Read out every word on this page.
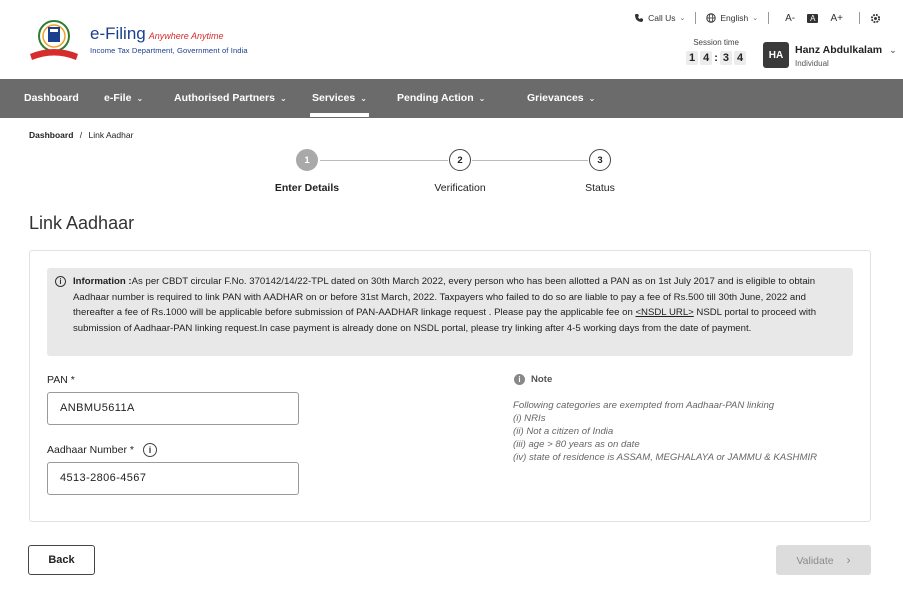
e-Filing Anywhere Anytime
Income Tax Department, Government of India
Call Us ⌄	English ⌄	A-	A	A+
Session time
1 4 : 3 4	HA	Hanz Abdulkalam ⌄
Individual
Dashboard e-File ⌄	Authorised Partners ⌄ Services ⌄	Pending Action ⌄	Grievances ⌄
Dashboard / Link Aadhar
1	2	3
Enter Details	Verification	Status
Link Aadhaar
i	Information :As per CBDT circular F.No. 370142/14/22-TPL dated on 30th March 2022, every person who has been allotted a PAN as on 1st July 2017 and is eligible to obtain Aadhaar number is required to link PAN with AADHAR on or before 31st March, 2022. Taxpayers who failed to do so are liable to pay a fee of Rs.500 till 30th June, 2022 and thereafter a fee of Rs.1000 will be applicable before submission of PAN-AADHAR linkage request . Please pay the applicable fee on <NSDL URL> NSDL portal to proceed with submission of Aadhaar-PAN linking request.In case payment is already done on NSDL portal, please try linking after 4-5 working days from the date of payment.
PAN *
ANBMU5611A
Aadhaar Number *	i
4513-2806-4567
i	Note
Following categories are exempted from Aadhaar-PAN linking
(i) NRIs
(ii) Not a citizen of India
(iii) age > 80 years as on date
(iv) state of residence is ASSAM, MEGHALAYA or JAMMU & KASHMIR
Back	Validate ›
